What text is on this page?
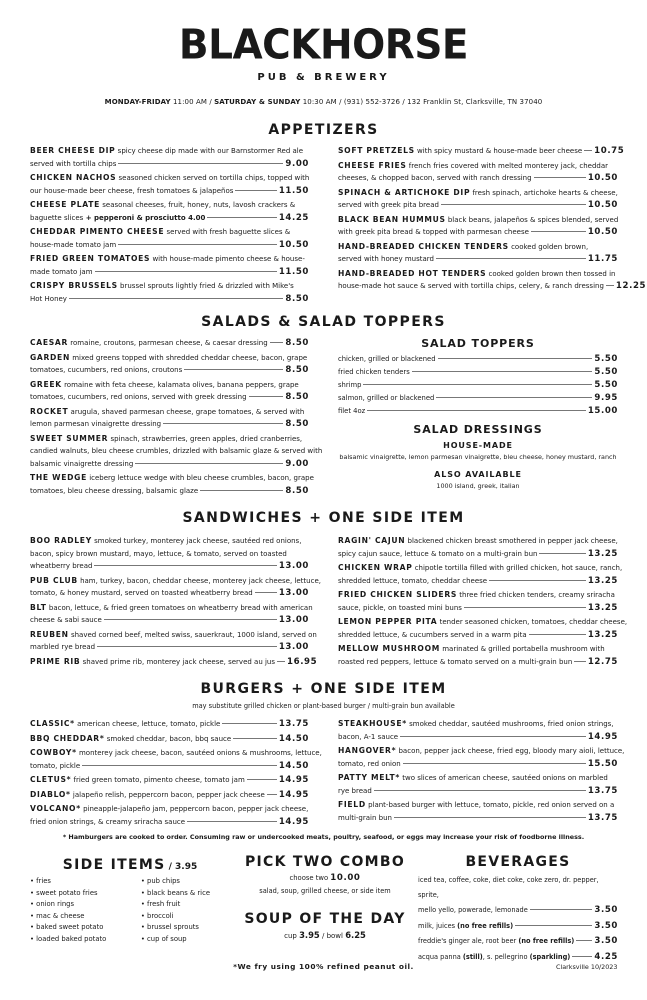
BLACKHORSE
PUB & BREWERY
MONDAY-FRIDAY 11:00 AM / SATURDAY & SUNDAY 10:30 AM / (931) 552-3726 / 132 Franklin St, Clarksville, TN 37040
APPETIZERS
BEER CHEESE DIP spicy cheese dip made with our Barnstormer Red ale
served with tortilla chips	9.00
CHICKEN NACHOS seasoned chicken served on tortilla chips, topped with
our house-made beer cheese, fresh tomatoes & jalapeños	11.50
CHEESE PLATE seasonal cheeses, fruit, honey, nuts, lavosh crackers &
baguette slices + pepperoni & prosciutto 4.00	14.25
CHEDDAR PIMENTO CHEESE served with fresh baguette slices &
house-made tomato jam	10.50
FRIED GREEN TOMATOES with house-made pimento cheese & house-
made tomato jam	11.50
CRISPY BRUSSELS brussel sprouts lightly fried & drizzled with Mike's
Hot Honey	8.50
SOFT PRETZELS with spicy mustard & house-made beer cheese 10.75
CHEESE FRIES french fries covered with melted monterey jack, cheddar
cheeses, & chopped bacon, served with ranch dressing	10.50
SPINACH & ARTICHOKE DIP fresh spinach, artichoke hearts & cheese,
served with greek pita bread	10.50
BLACK BEAN HUMMUS black beans, jalapeños & spices blended, served
with greek pita bread & topped with parmesan cheese	10.50
HAND-BREADED CHICKEN TENDERS cooked golden brown,
served with honey mustard	11.75
HAND-BREADED HOT TENDERS cooked golden brown then tossed in
house-made hot sauce & served with tortilla chips, celery, & ranch dressing 12.25
SALADS & SALAD TOPPERS
CAESAR romaine, croutons, parmesan cheese, & caesar dressing 8.50
GARDEN mixed greens topped with shredded cheddar cheese, bacon, grape
tomatoes, cucumbers, red onions, croutons	8.50
GREEK romaine with feta cheese, kalamata olives, banana peppers, grape
tomatoes, cucumbers, red onions, served with greek dressing	8.50
ROCKET arugula, shaved parmesan cheese, grape tomatoes, & served with
lemon parmesan vinaigrette dressing	8.50
SWEET SUMMER spinach, strawberries, green apples, dried cranberries,
candied walnuts, bleu cheese crumbles, drizzled with balsamic glaze & served with
balsamic vinaigrette dressing	9.00
THE WEDGE iceberg lettuce wedge with bleu cheese crumbles, bacon, grape
tomatoes, bleu cheese dressing, balsamic glaze	8.50
SALAD TOPPERS
chicken, grilled or blackened	5.50
fried chicken tenders	5.50
shrimp	5.50
salmon, grilled or blackened	9.95
filet 4oz	15.00
SALAD DRESSINGS
HOUSE-MADE
balsamic vinaigrette, lemon parmesan vinaigrette, bleu cheese, honey mustard, ranch
ALSO AVAILABLE
1000 island, greek, italian
SANDWICHES + ONE SIDE ITEM
BOO RADLEY smoked turkey, monterey jack cheese, sautéed red onions,
bacon, spicy brown mustard, mayo, lettuce, & tomato, served on toasted
wheatberry bread	13.00
PUB CLUB ham, turkey, bacon, cheddar cheese, monterey jack cheese, lettuce,
tomato, & honey mustard, served on toasted wheatberry bread	13.00
BLT bacon, lettuce, & fried green tomatoes on wheatberry bread with american
cheese & sabi sauce	13.00
REUBEN shaved corned beef, melted swiss, sauerkraut, 1000 island, served on
marbled rye bread	13.00
PRIME RIB shaved prime rib, monterey jack cheese, served au jus 16.95
RAGIN' CAJUN blackened chicken breast smothered in pepper jack cheese,
spicy cajun sauce, lettuce & tomato on a multi-grain bun	13.25
CHICKEN WRAP chipotle tortilla filled with grilled chicken, hot sauce, ranch,
shredded lettuce, tomato, cheddar cheese	13.25
FRIED CHICKEN SLIDERS three fried chicken tenders, creamy sriracha
sauce, pickle, on toasted mini buns	13.25
LEMON PEPPER PITA tender seasoned chicken, tomatoes, cheddar cheese,
shredded lettuce, & cucumbers served in a warm pita	13.25
MELLOW MUSHROOM marinated & grilled portabella mushroom with
roasted red peppers, lettuce & tomato served on a multi-grain bun 12.75
BURGERS + ONE SIDE ITEM
may substitute grilled chicken or plant-based burger / multi-grain bun available
CLASSIC* american cheese, lettuce, tomato, pickle	13.75
BBQ CHEDDAR* smoked cheddar, bacon, bbq sauce	14.50
COWBOY* monterey jack cheese, bacon, sautéed onions & mushrooms, lettuce,
tomato, pickle	14.50
CLETUS* fried green tomato, pimento cheese, tomato jam	14.95
DIABLO* jalapeño relish, peppercorn bacon, pepper jack cheese 14.95
VOLCANO* pineapple-jalapeño jam, peppercorn bacon, pepper jack cheese,
fried onion strings, & creamy sriracha sauce	14.95
STEAKHOUSE* smoked cheddar, sautéed mushrooms, fried onion strings,
bacon, A-1 sauce	14.95
HANGOVER* bacon, pepper jack cheese, fried egg, bloody mary aioli, lettuce,
tomato, red onion	15.50
PATTY MELT* two slices of american cheese, sautéed onions on marbled
rye bread	13.75
FIELD plant-based burger with lettuce, tomato, pickle, red onion served on a
multi-grain bun	13.75
* Hamburgers are cooked to order. Consuming raw or undercooked meats, poultry, seafood, or eggs may increase your risk of foodborne illness.
SIDE ITEMS / 3.95
• fries
• sweet potato fries
• onion rings
• mac & cheese
• baked sweet potato
• loaded baked potato
• pub chips
• black beans & rice
• fresh fruit
• broccoli
• brussel sprouts
• cup of soup
PICK TWO COMBO
choose two 10.00
salad, soup, grilled cheese, or side item
SOUP OF THE DAY
cup 3.95 / bowl 6.25
BEVERAGES
iced tea, coffee, coke, diet coke, coke zero, dr. pepper, sprite,
mello yello, powerade, lemonade	3.50
milk, juices (no free refills)	3.50
freddie's ginger ale, root beer (no free refills) 3.50
acqua panna (still), s. pellegrino (sparkling)	4.25
*We fry using 100% refined peanut oil.	Clarksville 10/2023
